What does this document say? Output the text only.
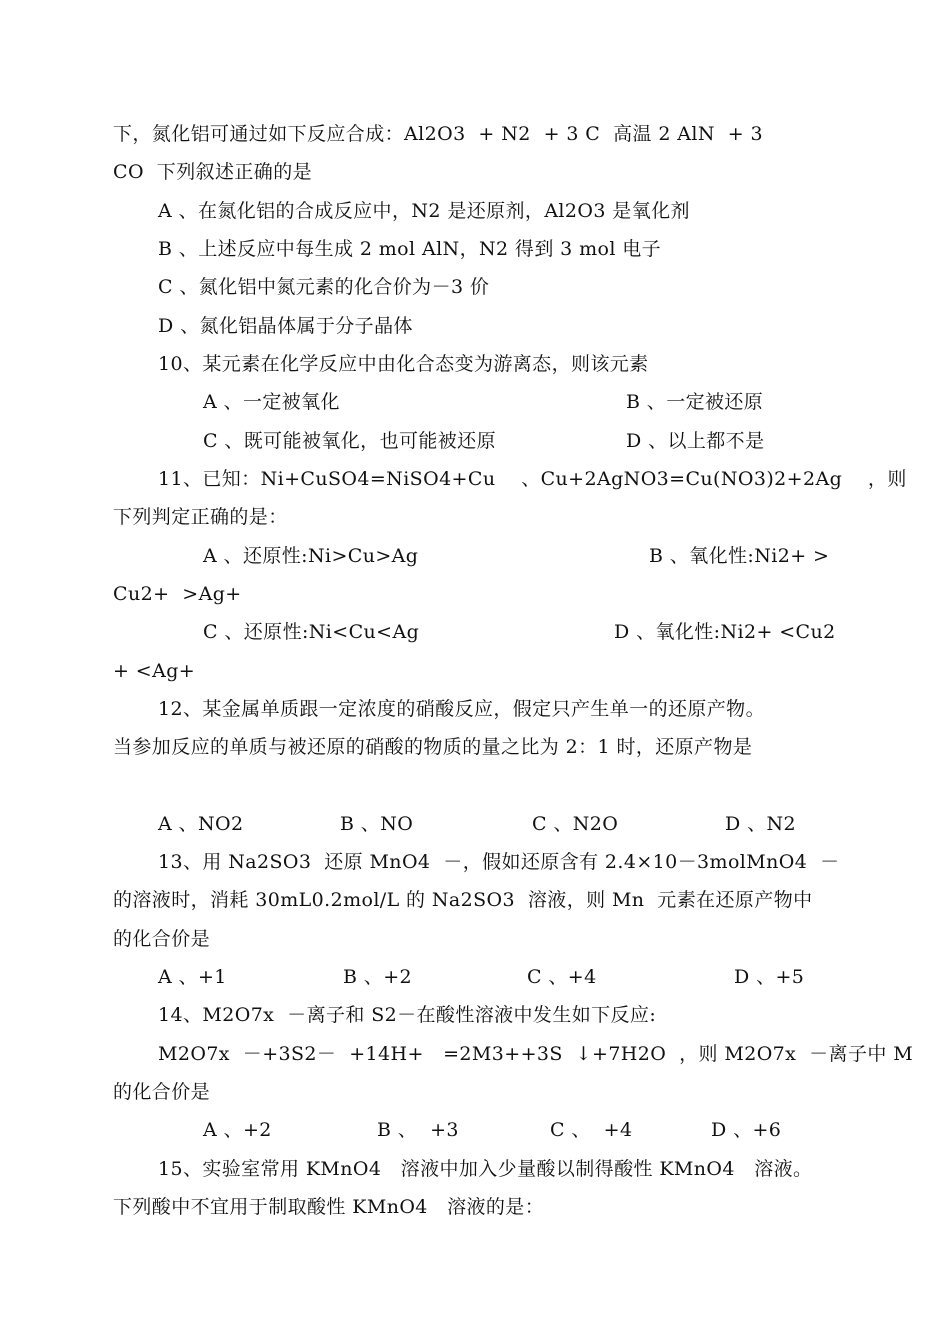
下，氮化铝可通过如下反应合成：Al2O3  + N2  + 3 C  高温 2 AlN  + 3
CO  下列叙述正确的是
A 、在氮化铝的合成反应中，N2 是还原剂，Al2O3 是氧化剂
B 、上述反应中每生成 2 mol AlN，N2 得到 3 mol 电子
C 、氮化铝中氮元素的化合价为－3 价
D 、氮化铝晶体属于分子晶体
10、某元素在化学反应中由化合态变为游离态，则该元素
A 、一定被氧化	B 、一定被还原
C 、既可能被氧化，也可能被还原	D 、以上都不是
11、已知：Ni+CuSO4=NiSO4+Cu    、Cu+2AgNO3=Cu(NO3)2+2Ag    ，则
下列判定正确的是：
A 、还原性:Ni>Cu>Ag	B 、氧化性:Ni2+ >
Cu2+  >Ag+
C 、还原性:Ni<Cu<Ag	D 、氧化性:Ni2+ <Cu2
+ <Ag+
12、某金属单质跟一定浓度的硝酸反应，假定只产生单一的还原产物。
当参加反应的单质与被还原的硝酸的物质的量之比为 2：1 时，还原产物是
A 、NO2	B 、NO	C 、N2O	D 、N2
13、用 Na2SO3  还原 MnO4  －，假如还原含有 2.4×10－3molMnO4  －
的溶液时，消耗 30mL0.2mol/L 的 Na2SO3  溶液，则 Mn  元素在还原产物中
的化合价是
A 、+1	B 、+2	C 、+4	D 、+5
14、M2O7x  －离子和 S2－在酸性溶液中发生如下反应:
M2O7x  －+3S2－  +14H+   =2M3++3S  ↓+7H2O  ，则 M2O7x  －离子中 M
的化合价是
A 、+2	B 、  +3	C 、  +4	D 、+6
15、实验室常用 KMnO4   溶液中加入少量酸以制得酸性 KMnO4   溶液。
下列酸中不宜用于制取酸性 KMnO4   溶液的是：
